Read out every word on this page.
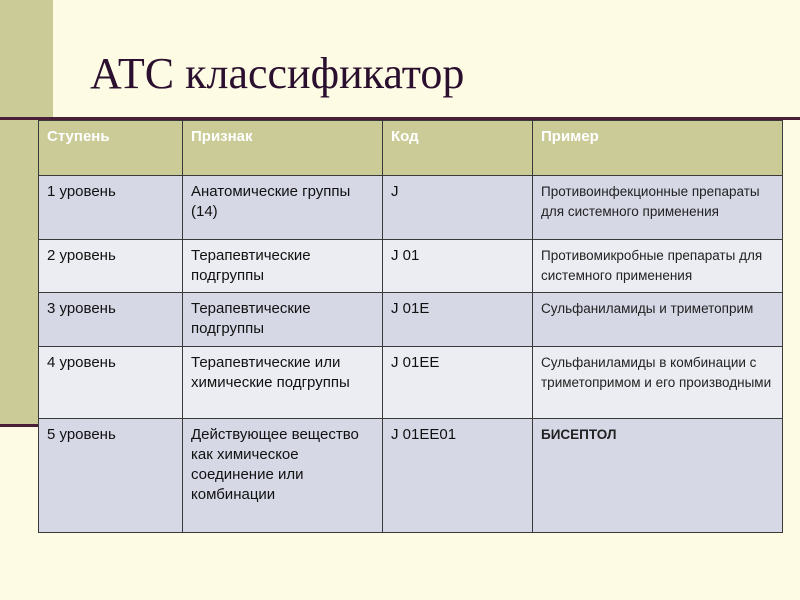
АТС классификатор
Ступень	Признак	Код	Пример
1 уровень	Анатомические группы (14)	J	Противоинфекционные препараты для системного применения
2 уровень	Терапевтические подгруппы	J 01	Противомикробные препараты для системного применения
3 уровень	Терапевтические подгруппы	J 01E	Сульфаниламиды и триметоприм
4 уровень	Терапевтические или химические подгруппы	J 01EE	Сульфаниламиды в комбинации с триметопримом и его производными
5 уровень	Действующее вещество как химическое соединение или комбинации	J 01EE01	БИСЕПТОЛ
